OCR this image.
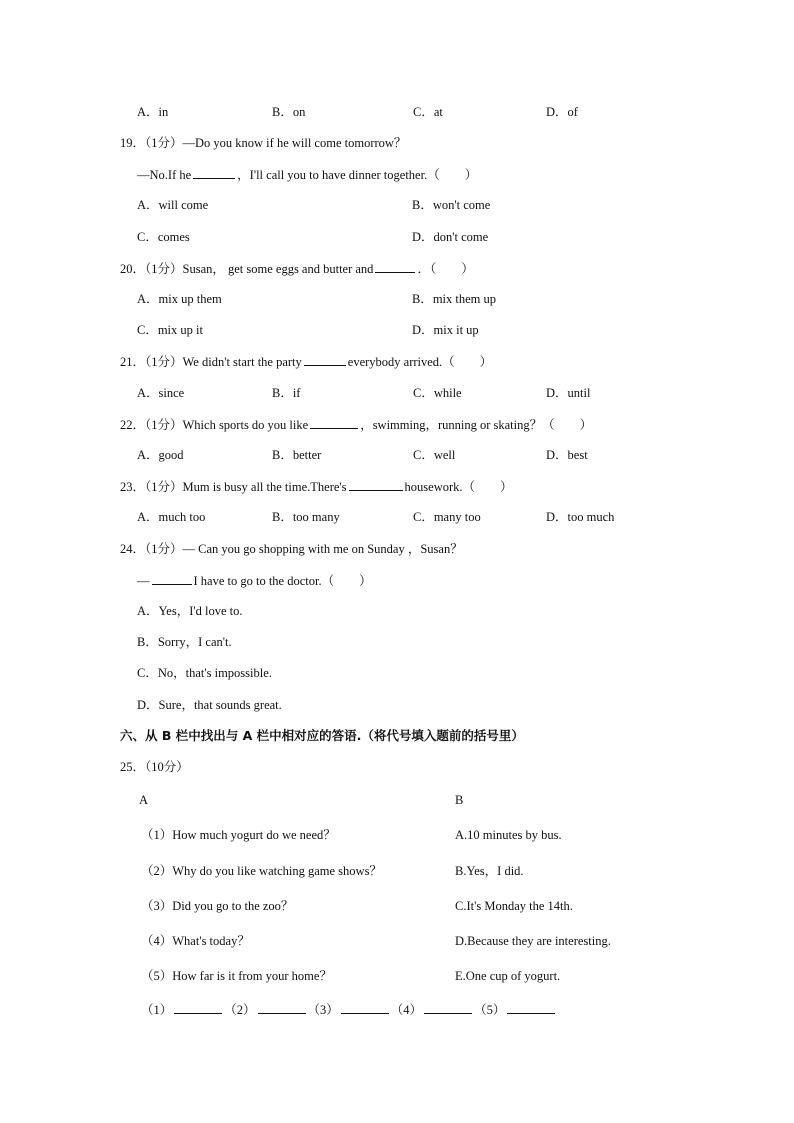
A．in	B．on	C．at	D．of
19．（1分）—Do you know if he will come tomorrow？
—No.If he	，I'll call you to have dinner together.（　　）
A．will come	B．won't come
C．comes	D．don't come
20．（1分）Susan， get some eggs and butter and	．（　　）
A．mix up them	B．mix them up
C．mix up it	D．mix it up
21．（1分）We didn't start the party	everybody arrived.（　　）
A．since	B．if	C．while	D．until
22．（1分）Which sports do you like	，swimming，running or skating？（　　）
A．good	B．better	C．well	D．best
23．（1分）Mum is busy all the time.There's	housework.（　　）
A．much too	B．too many	C．many too	D．too much
24．（1分）— Can you go shopping with me on Sunday ，Susan？
—	I have to go to the doctor.（　　）
A．Yes，I'd love to.
B．Sorry，I can't.
C．No，that's impossible.
D．Sure，that sounds great.
六、从 B 栏中找出与 A 栏中相对应的答语.（将代号填入题前的括号里）
25．（10分）
A	B
（1）How much yogurt do we need？	A.10 minutes by bus.
（2）Why do you like watching game shows？	B.Yes，I did.
（3）Did you go to the zoo？	C.It's Monday the 14th.
（4）What's today？	D.Because they are interesting.
（5）How far is it from your home？	E.One cup of yogurt.
（1）	（2）	（3）	（4）	（5）
